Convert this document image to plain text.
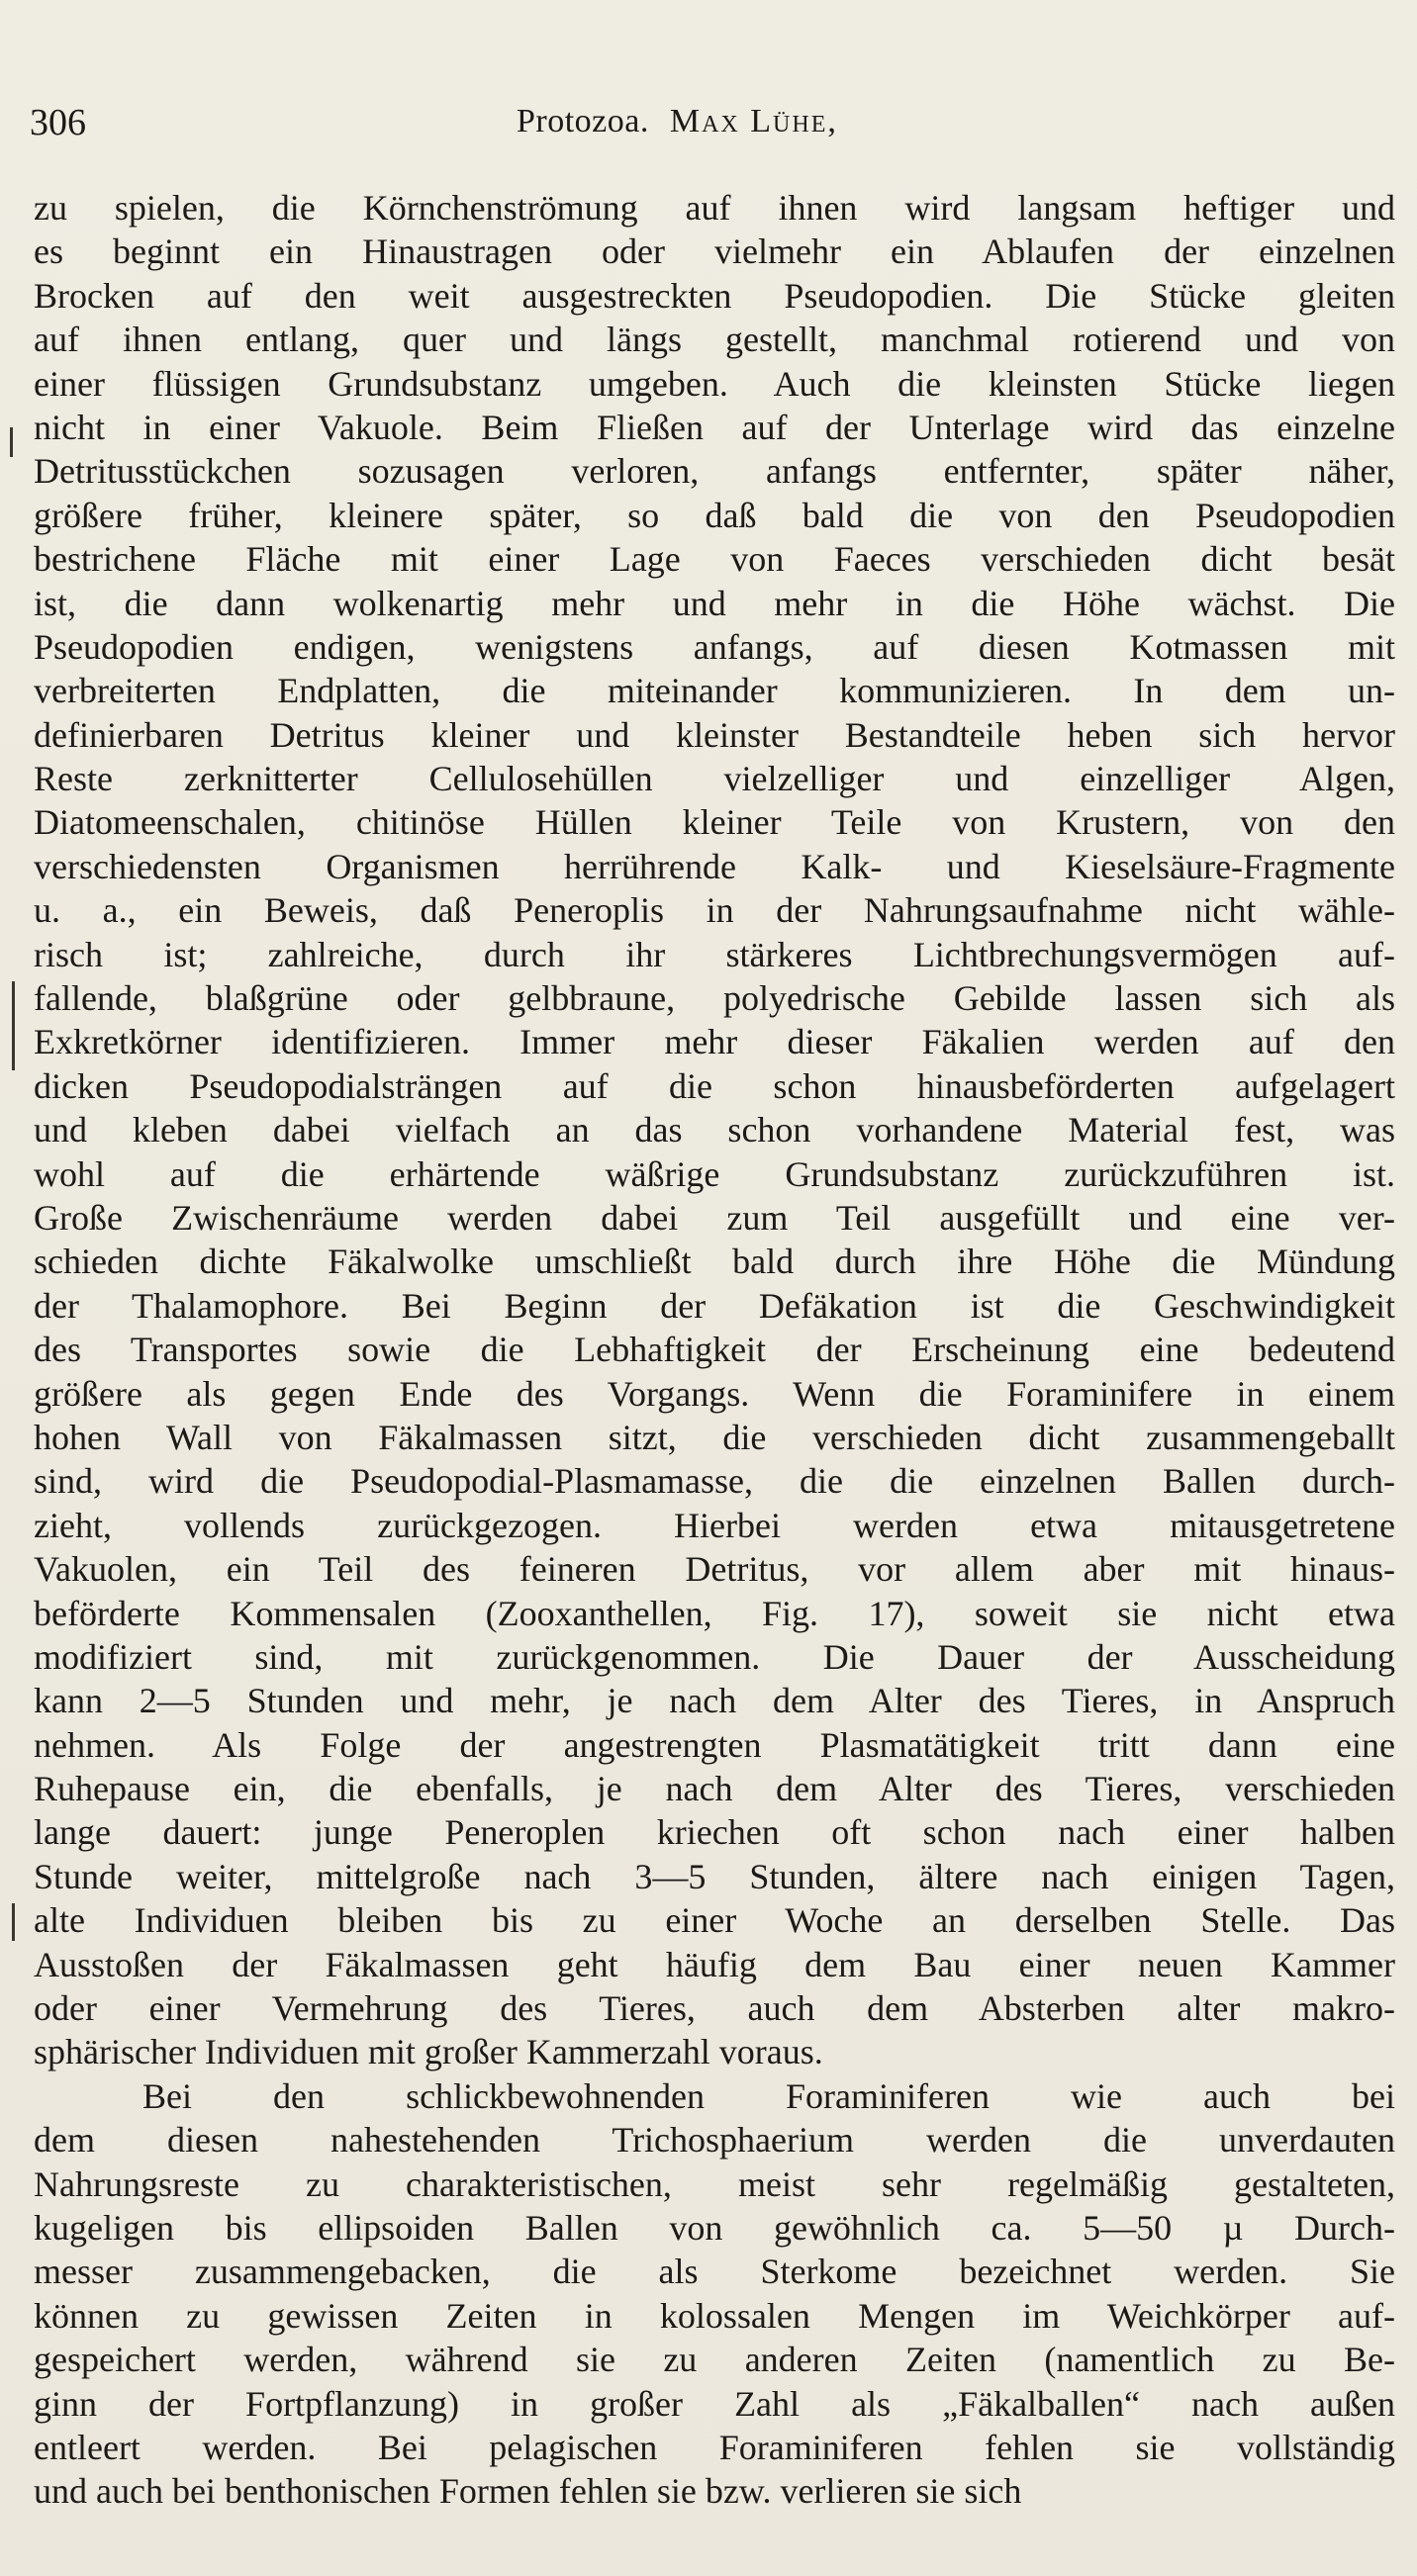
306	Protozoa. Max Lühe,
zu spielen, die Körnchenströmung auf ihnen wird langsam heftiger und
es beginnt ein Hinaustragen oder vielmehr ein Ablaufen der einzelnen
Brocken auf den weit ausgestreckten Pseudopodien. Die Stücke gleiten
auf ihnen entlang, quer und längs gestellt, manchmal rotierend und von
einer flüssigen Grundsubstanz umgeben. Auch die kleinsten Stücke liegen
nicht in einer Vakuole. Beim Fließen auf der Unterlage wird das einzelne
Detritusstückchen sozusagen verloren, anfangs entfernter, später näher,
größere früher, kleinere später, so daß bald die von den Pseudopodien
bestrichene Fläche mit einer Lage von Faeces verschieden dicht besät
ist, die dann wolkenartig mehr und mehr in die Höhe wächst. Die
Pseudopodien endigen, wenigstens anfangs, auf diesen Kotmassen mit
verbreiterten Endplatten, die miteinander kommunizieren. In dem un-
definierbaren Detritus kleiner und kleinster Bestandteile heben sich hervor
Reste zerknitterter Cellulosehüllen vielzelliger und einzelliger Algen,
Diatomeenschalen, chitinöse Hüllen kleiner Teile von Krustern, von den
verschiedensten Organismen herrührende Kalk- und Kieselsäure-Fragmente
u. a., ein Beweis, daß Peneroplis in der Nahrungsaufnahme nicht wähle-
risch ist; zahlreiche, durch ihr stärkeres Lichtbrechungsvermögen auf-
fallende, blaßgrüne oder gelbbraune, polyedrische Gebilde lassen sich als
Exkretkörner identifizieren. Immer mehr dieser Fäkalien werden auf den
dicken Pseudopodialsträngen auf die schon hinausbeförderten aufgelagert
und kleben dabei vielfach an das schon vorhandene Material fest, was
wohl auf die erhärtende wäßrige Grundsubstanz zurückzuführen ist.
Große Zwischenräume werden dabei zum Teil ausgefüllt und eine ver-
schieden dichte Fäkalwolke umschließt bald durch ihre Höhe die Mündung
der Thalamophore. Bei Beginn der Defäkation ist die Geschwindigkeit
des Transportes sowie die Lebhaftigkeit der Erscheinung eine bedeutend
größere als gegen Ende des Vorgangs. Wenn die Foraminifere in einem
hohen Wall von Fäkalmassen sitzt, die verschieden dicht zusammengeballt
sind, wird die Pseudopodial-Plasmamasse, die die einzelnen Ballen durch-
zieht, vollends zurückgezogen. Hierbei werden etwa mitausgetretene
Vakuolen, ein Teil des feineren Detritus, vor allem aber mit hinaus-
beförderte Kommensalen (Zooxanthellen, Fig. 17), soweit sie nicht etwa
modifiziert sind, mit zurückgenommen. Die Dauer der Ausscheidung
kann 2—5 Stunden und mehr, je nach dem Alter des Tieres, in Anspruch
nehmen. Als Folge der angestrengten Plasmatätigkeit tritt dann eine
Ruhepause ein, die ebenfalls, je nach dem Alter des Tieres, verschieden
lange dauert: junge Peneroplen kriechen oft schon nach einer halben
Stunde weiter, mittelgroße nach 3—5 Stunden, ältere nach einigen Tagen,
alte Individuen bleiben bis zu einer Woche an derselben Stelle. Das
Ausstoßen der Fäkalmassen geht häufig dem Bau einer neuen Kammer
oder einer Vermehrung des Tieres, auch dem Absterben alter makro-
sphärischer Individuen mit großer Kammerzahl voraus.
Bei den schlickbewohnenden Foraminiferen wie auch bei
dem diesen nahestehenden Trichosphaerium werden die unverdauten
Nahrungsreste zu charakteristischen, meist sehr regelmäßig gestalteten,
kugeligen bis ellipsoiden Ballen von gewöhnlich ca. 5—50 µ Durch-
messer zusammengebacken, die als Sterkome bezeichnet werden. Sie
können zu gewissen Zeiten in kolossalen Mengen im Weichkörper auf-
gespeichert werden, während sie zu anderen Zeiten (namentlich zu Be-
ginn der Fortpflanzung) in großer Zahl als „Fäkalballen“ nach außen
entleert werden. Bei pelagischen Foraminiferen fehlen sie vollständig
und auch bei benthonischen Formen fehlen sie bzw. verlieren sie sich
